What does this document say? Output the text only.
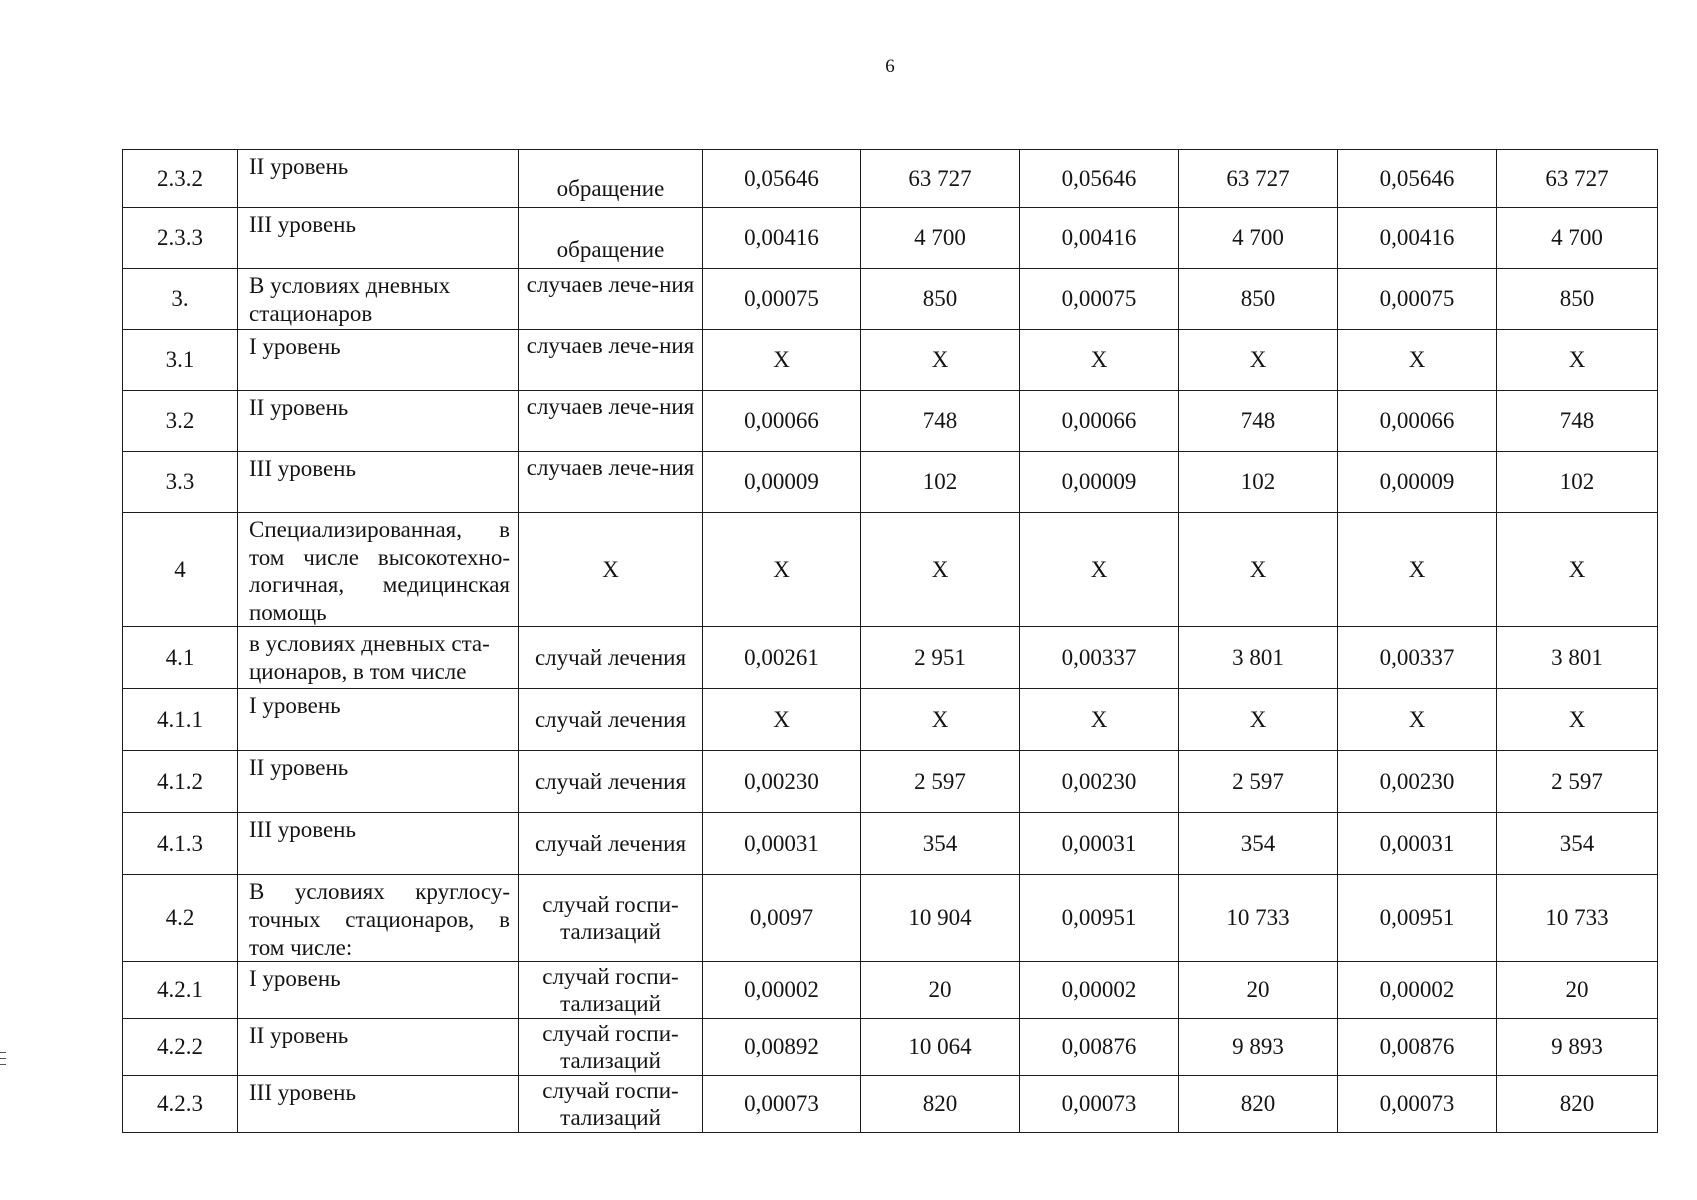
6
2.3.2	II уровень	обращение	0,05646	63 727	0,05646	63 727	0,05646	63 727
2.3.3	III уровень	обращение	0,00416	4 700	0,00416	4 700	0,00416	4 700
3.	В условиях дневных стационаров	случаев лече-ния	0,00075	850	0,00075	850	0,00075	850
3.1	I уровень	случаев лече-ния	X	X	X	X	X	X
3.2	II уровень	случаев лече-ния	0,00066	748	0,00066	748	0,00066	748
3.3	III уровень	случаев лече-ния	0,00009	102	0,00009	102	0,00009	102
4	Специализированная, в том числе высокотехно-логичная, медицинская помощь	X	X	X	X	X	X	X
4.1	в условиях дневных ста-ционаров, в том числе	случай лечения	0,00261	2 951	0,00337	3 801	0,00337	3 801
4.1.1	I уровень	случай лечения	X	X	X	X	X	X
4.1.2	II уровень	случай лечения	0,00230	2 597	0,00230	2 597	0,00230	2 597
4.1.3	III уровень	случай лечения	0,00031	354	0,00031	354	0,00031	354
4.2	В условиях круглосу-точных стационаров, в том числе:	случай госпи-тализаций	0,0097	10 904	0,00951	10 733	0,00951	10 733
4.2.1	I уровень	случай госпи-тализаций	0,00002	20	0,00002	20	0,00002	20
4.2.2	II уровень	случай госпи-тализаций	0,00892	10 064	0,00876	9 893	0,00876	9 893
4.2.3	III уровень	случай госпи-тализаций	0,00073	820	0,00073	820	0,00073	820
